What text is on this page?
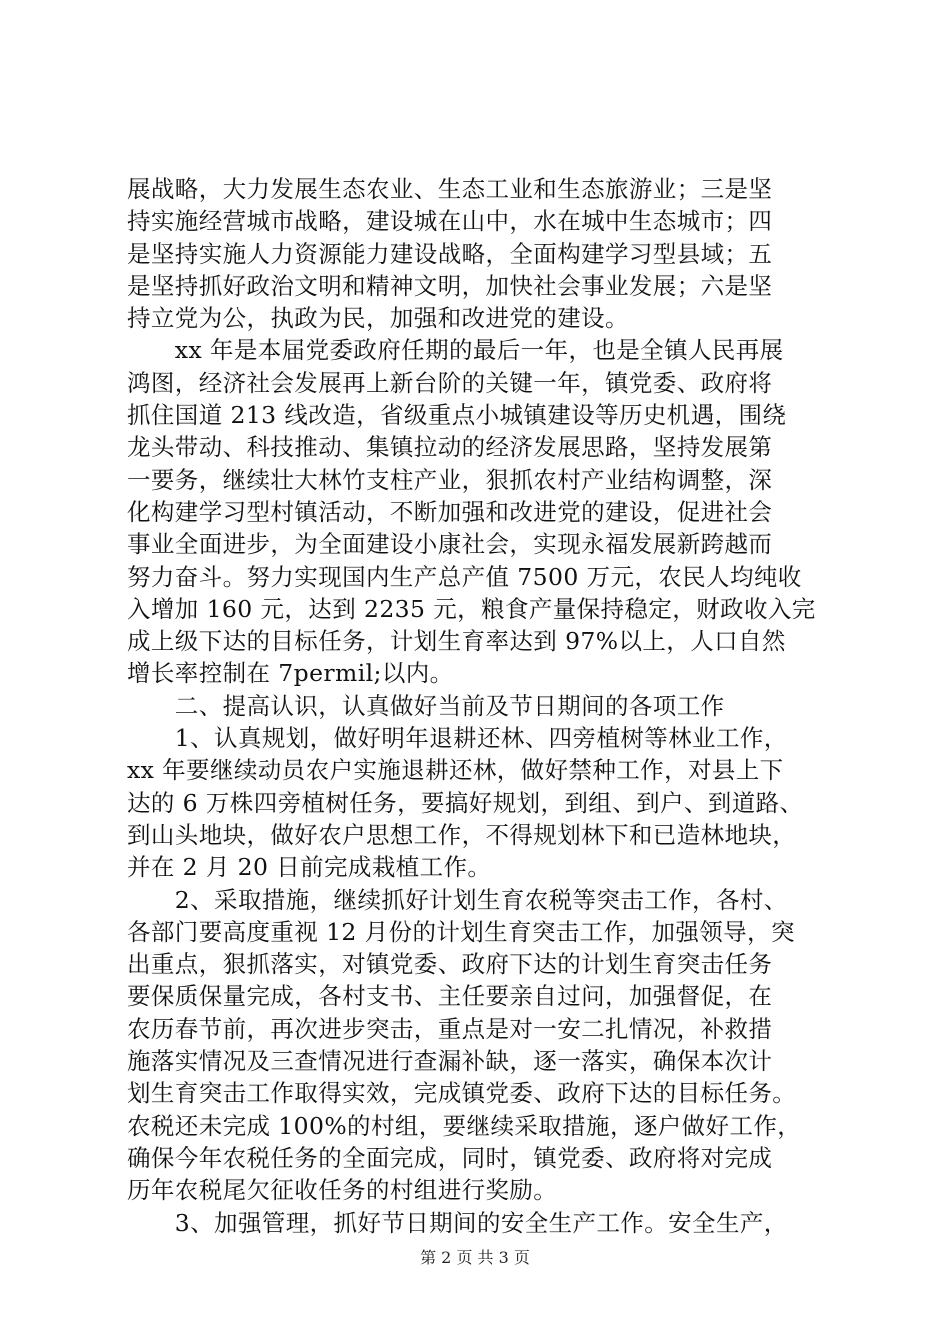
展战略，大力发展生态农业、生态工业和生态旅游业；三是坚
持实施经营城市战略，建设城在山中，水在城中生态城市；四
是坚持实施人力资源能力建设战略，全面构建学习型县域；五
是坚持抓好政治文明和精神文明，加快社会事业发展；六是坚
持立党为公，执政为民，加强和改进党的建设。
　　xx 年是本届党委政府任期的最后一年，也是全镇人民再展
鸿图，经济社会发展再上新台阶的关键一年，镇党委、政府将
抓住国道 213 线改造，省级重点小城镇建设等历史机遇，围绕
龙头带动、科技推动、集镇拉动的经济发展思路，坚持发展第
一要务，继续壮大林竹支柱产业，狠抓农村产业结构调整，深
化构建学习型村镇活动，不断加强和改进党的建设，促进社会
事业全面进步，为全面建设小康社会，实现永福发展新跨越而
努力奋斗。努力实现国内生产总产值 7500 万元，农民人均纯收
入增加 160 元，达到 2235 元，粮食产量保持稳定，财政收入完
成上级下达的目标任务，计划生育率达到 97%以上，人口自然
增长率控制在 7permil;以内。
　　二、提高认识，认真做好当前及节日期间的各项工作
　　1、认真规划，做好明年退耕还林、四旁植树等林业工作，
xx 年要继续动员农户实施退耕还林，做好禁种工作，对县上下
达的 6 万株四旁植树任务，要搞好规划，到组、到户、到道路、
到山头地块，做好农户思想工作，不得规划林下和已造林地块，
并在 2 月 20 日前完成栽植工作。
　　2、采取措施，继续抓好计划生育农税等突击工作，各村、
各部门要高度重视 12 月份的计划生育突击工作，加强领导，突
出重点，狠抓落实，对镇党委、政府下达的计划生育突击任务
要保质保量完成，各村支书、主任要亲自过问，加强督促，在
农历春节前，再次进步突击，重点是对一安二扎情况，补救措
施落实情况及三查情况进行查漏补缺，逐一落实，确保本次计
划生育突击工作取得实效，完成镇党委、政府下达的目标任务。
农税还未完成 100%的村组，要继续采取措施，逐户做好工作，
确保今年农税任务的全面完成，同时，镇党委、政府将对完成
历年农税尾欠征收任务的村组进行奖励。
　　3、加强管理，抓好节日期间的安全生产工作。安全生产，
第 2 页 共 3 页
